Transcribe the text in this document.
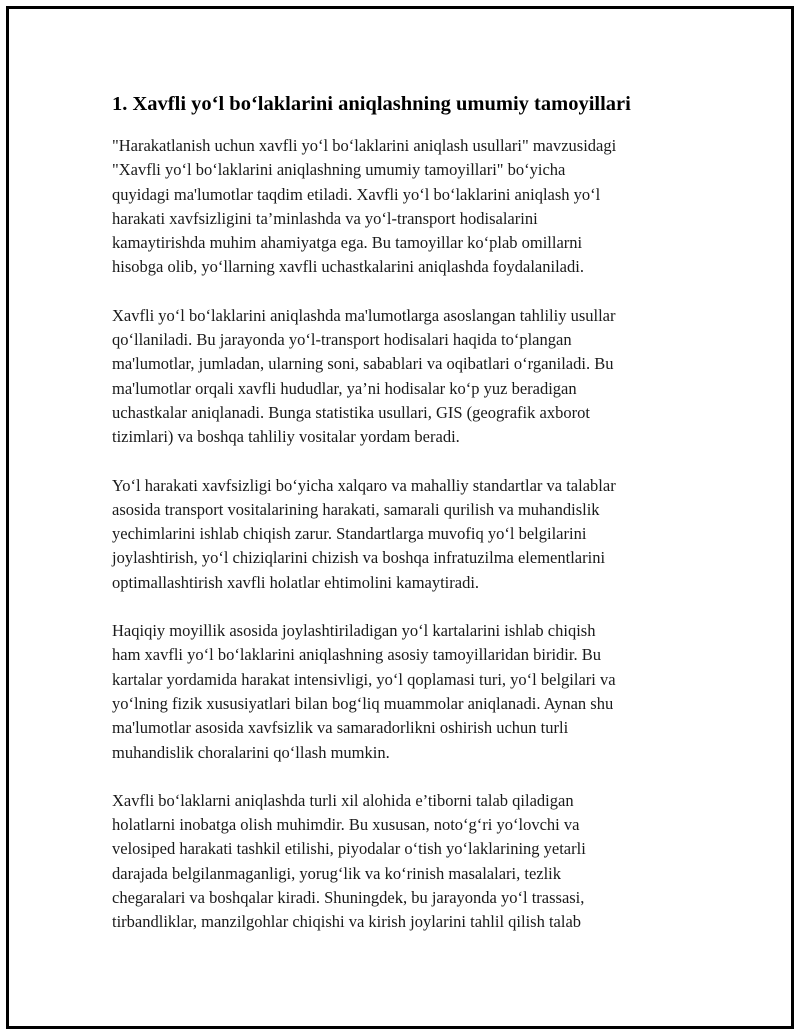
1. Xavfli yo‘l bo‘laklarini aniqlashning umumiy tamoyillari

"Harakatlanish uchun xavfli yo‘l bo‘laklarini aniqlash usullari" mavzusidagi
"Xavfli yo‘l bo‘laklarini aniqlashning umumiy tamoyillari" bo‘yicha
quyidagi ma'lumotlar taqdim etiladi. Xavfli yo‘l bo‘laklarini aniqlash yo‘l
harakati xavfsizligini ta’minlashda va yo‘l-transport hodisalarini
kamaytirishda muhim ahamiyatga ega. Bu tamoyillar ko‘plab omillarni
hisobga olib, yo‘llarning xavfli uchastkalarini aniqlashda foydalaniladi.

Xavfli yo‘l bo‘laklarini aniqlashda ma'lumotlarga asoslangan tahliliy usullar
qo‘llaniladi. Bu jarayonda yo‘l-transport hodisalari haqida to‘plangan
ma'lumotlar, jumladan, ularning soni, sabablari va oqibatlari o‘rganiladi. Bu
ma'lumotlar orqali xavfli hududlar, ya’ni hodisalar ko‘p yuz beradigan
uchastkalar aniqlanadi. Bunga statistika usullari, GIS (geografik axborot
tizimlari) va boshqa tahliliy vositalar yordam beradi.

Yo‘l harakati xavfsizligi bo‘yicha xalqaro va mahalliy standartlar va talablar
asosida transport vositalarining harakati, samarali qurilish va muhandislik
yechimlarini ishlab chiqish zarur. Standartlarga muvofiq yo‘l belgilarini
joylashtirish, yo‘l chiziqlarini chizish va boshqa infratuzilma elementlarini
optimallashtirish xavfli holatlar ehtimolini kamaytiradi.

Haqiqiy moyillik asosida joylashtiriladigan yo‘l kartalarini ishlab chiqish
ham xavfli yo‘l bo‘laklarini aniqlashning asosiy tamoyillaridan biridir. Bu
kartalar yordamida harakat intensivligi, yo‘l qoplamasi turi, yo‘l belgilari va
yo‘lning fizik xususiyatlari bilan bog‘liq muammolar aniqlanadi. Aynan shu
ma'lumotlar asosida xavfsizlik va samaradorlikni oshirish uchun turli
muhandislik choralarini qo‘llash mumkin.

Xavfli bo‘laklarni aniqlashda turli xil alohida e’tiborni talab qiladigan
holatlarni inobatga olish muhimdir. Bu xususan, noto‘g‘ri yo‘lovchi va
velosiped harakati tashkil etilishi, piyodalar o‘tish yo‘laklarining yetarli
darajada belgilanmaganligi, yorug‘lik va ko‘rinish masalalari, tezlik
chegaralari va boshqalar kiradi. Shuningdek, bu jarayonda yo‘l trassasi,
tirbandliklar, manzilgohlar chiqishi va kirish joylarini tahlil qilish talab
